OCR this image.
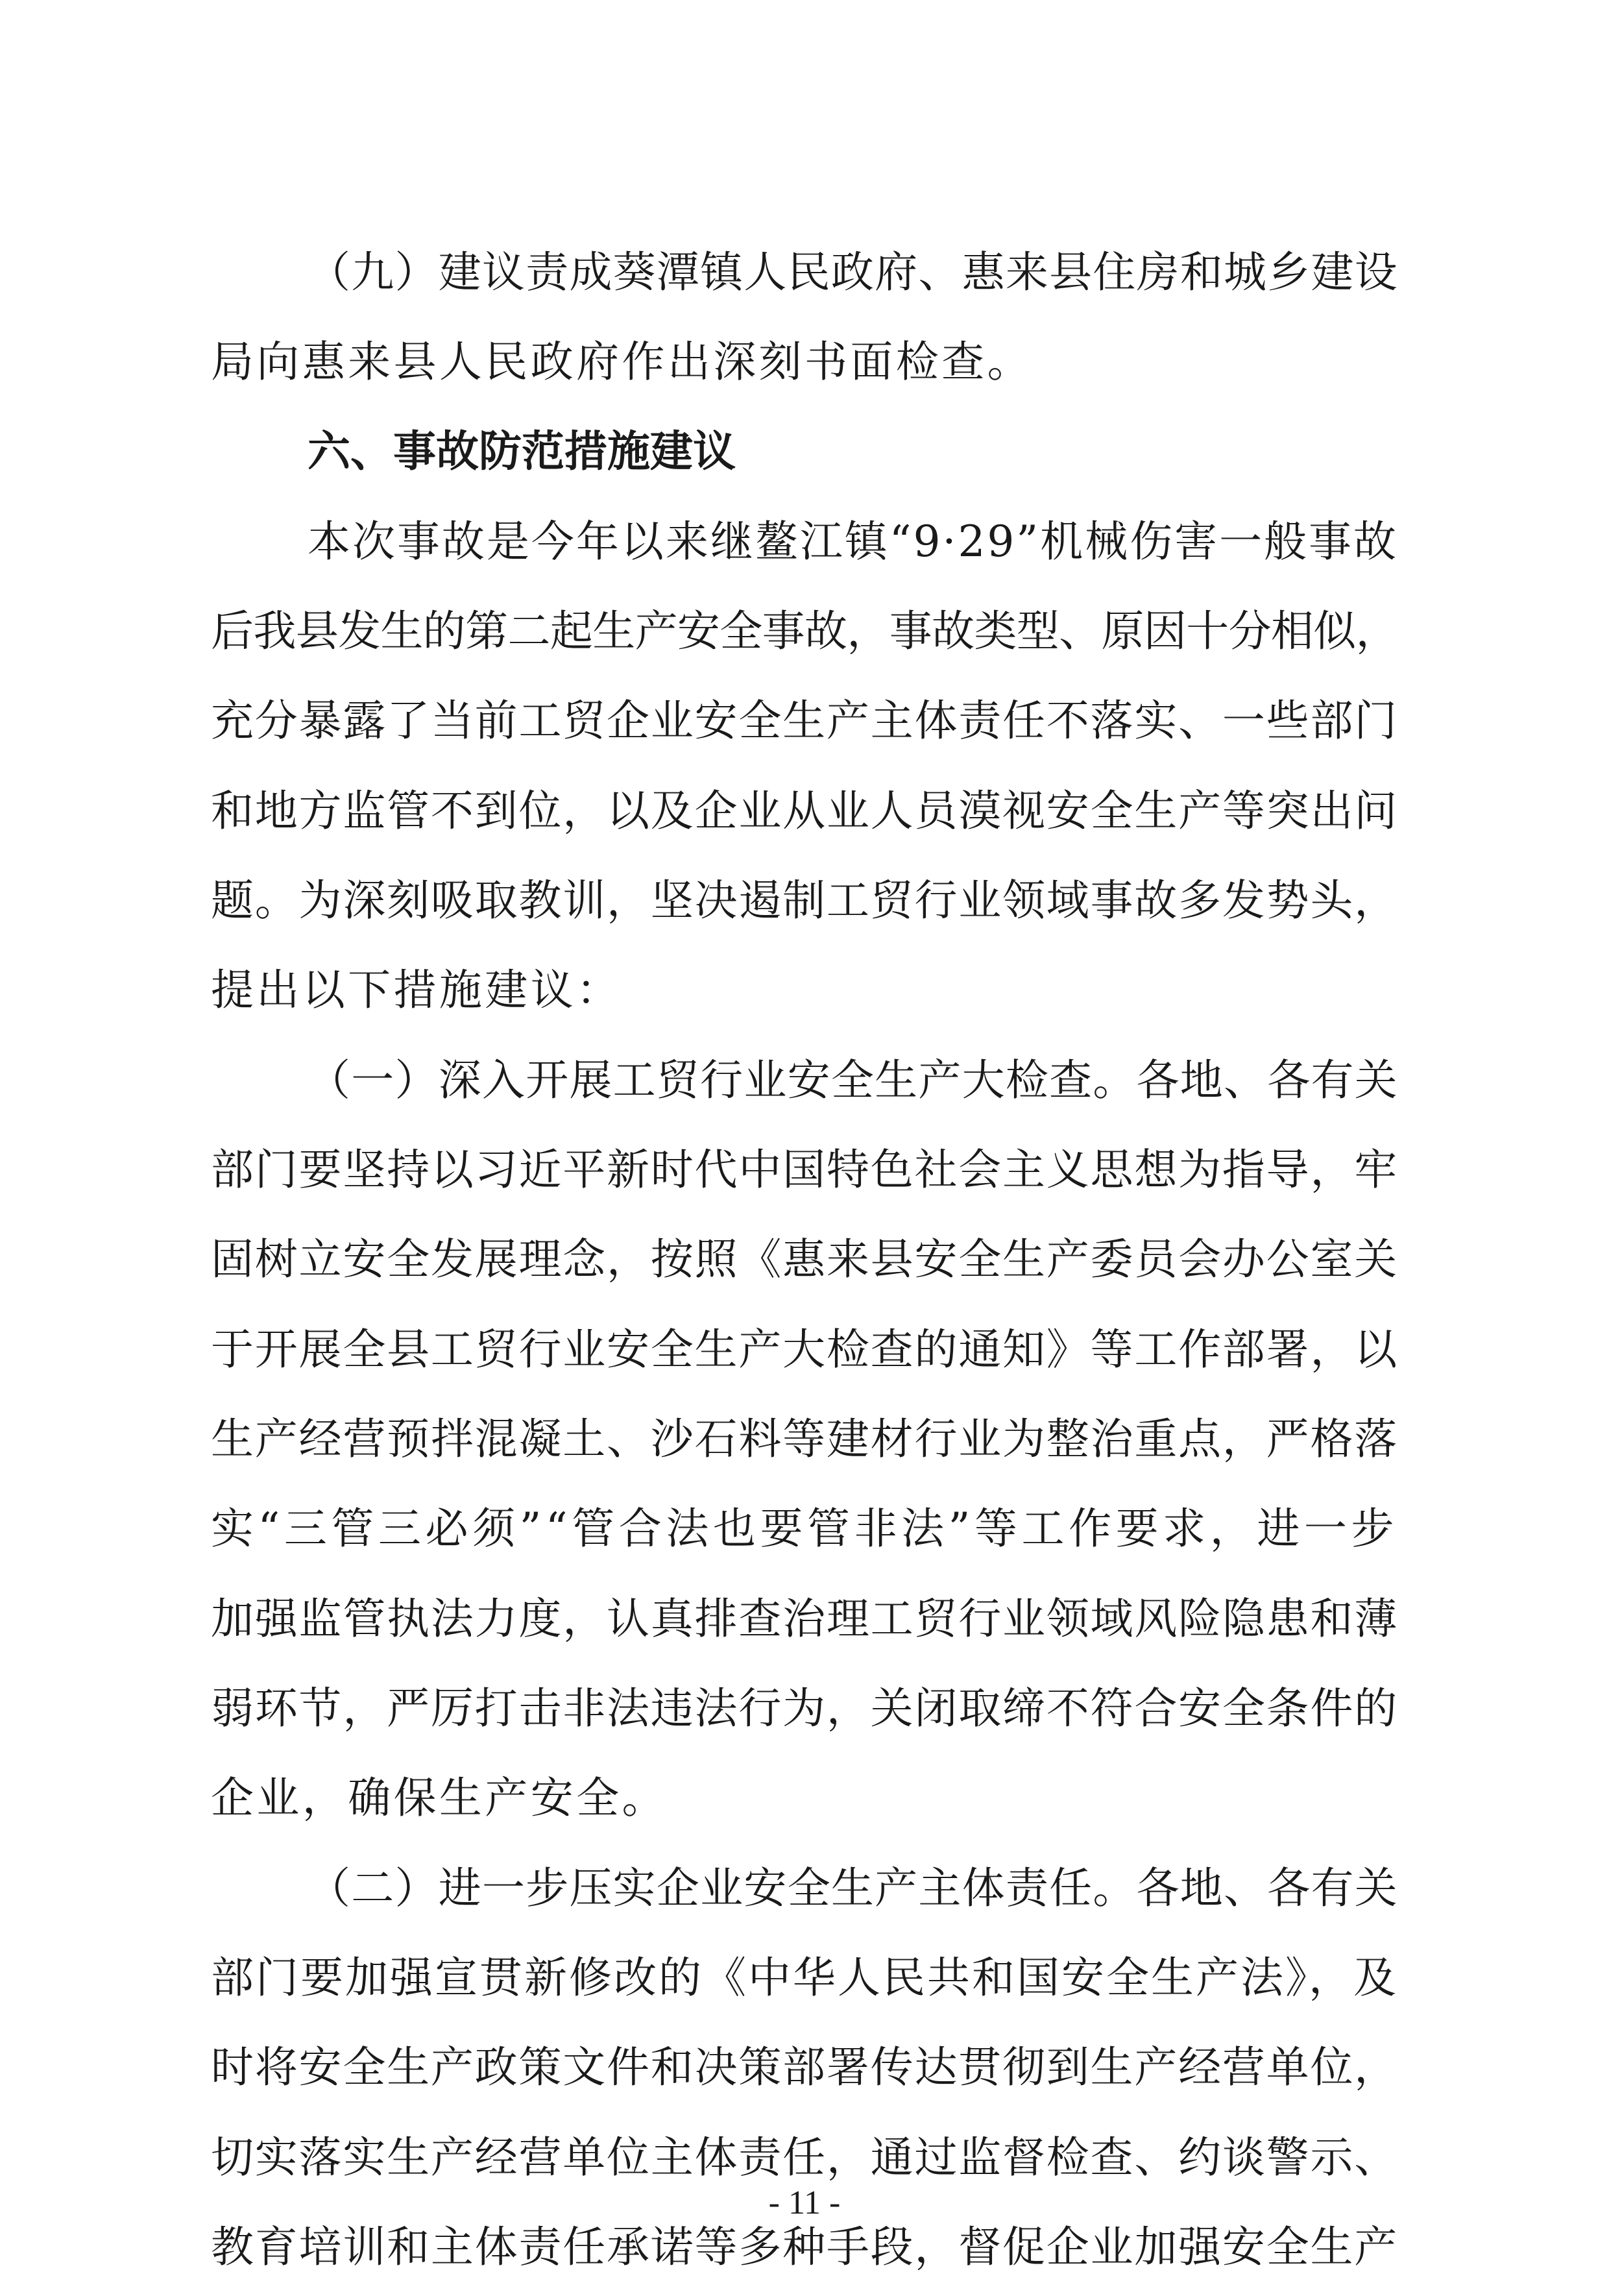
（九）建议责成葵潭镇人民政府、惠来县住房和城乡建设
局向惠来县人民政府作出深刻书面检查。
六、事故防范措施建议
本次事故是今年以来继鳌江镇“9·29”机械伤害一般事故
后我县发生的第二起生产安全事故，事故类型、原因十分相似，
充分暴露了当前工贸企业安全生产主体责任不落实、一些部门
和地方监管不到位，以及企业从业人员漠视安全生产等突出问
题。为深刻吸取教训，坚决遏制工贸行业领域事故多发势头，
提出以下措施建议：
（一）深入开展工贸行业安全生产大检查。各地、各有关
部门要坚持以习近平新时代中国特色社会主义思想为指导，牢
固树立安全发展理念，按照《惠来县安全生产委员会办公室关
于开展全县工贸行业安全生产大检查的通知》等工作部署，以
生产经营预拌混凝土、沙石料等建材行业为整治重点，严格落
实“三管三必须”“管合法也要管非法”等工作要求，进一步
加强监管执法力度，认真排查治理工贸行业领域风险隐患和薄
弱环节，严厉打击非法违法行为，关闭取缔不符合安全条件的
企业，确保生产安全。
（二）进一步压实企业安全生产主体责任。各地、各有关
部门要加强宣贯新修改的《中华人民共和国安全生产法》，及
时将安全生产政策文件和决策部署传达贯彻到生产经营单位，
切实落实生产经营单位主体责任，通过监督检查、约谈警示、
教育培训和主体责任承诺等多种手段，督促企业加强安全生产
- 11 -
